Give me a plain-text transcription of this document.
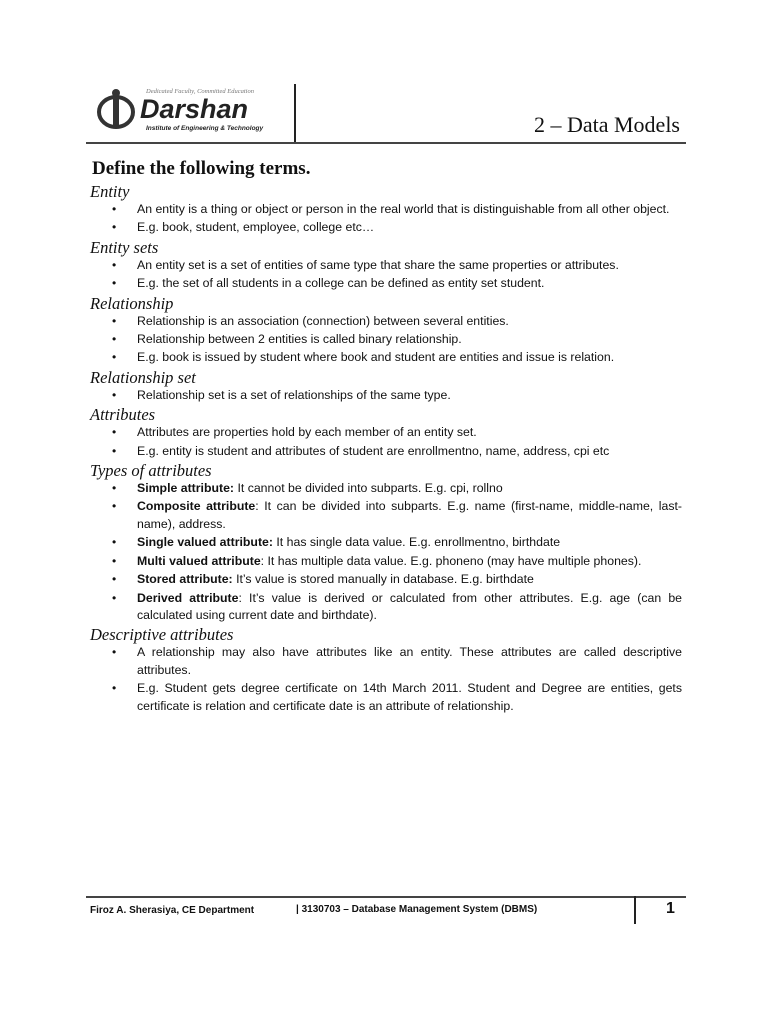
Dedicated Faculty, Committed Education
Darshan
Institute of Engineering & Technology	2 – Data Models
Define the following terms.
Entity
• An entity is a thing or object or person in the real world that is distinguishable from all other object.
• E.g. book, student, employee, college etc…
Entity sets
• An entity set is a set of entities of same type that share the same properties or attributes.
• E.g. the set of all students in a college can be defined as entity set student.
Relationship
• Relationship is an association (connection) between several entities.
• Relationship between 2 entities is called binary relationship.
• E.g. book is issued by student where book and student are entities and issue is relation.
Relationship set
• Relationship set is a set of relationships of the same type.
Attributes
• Attributes are properties hold by each member of an entity set.
• E.g. entity is student and attributes of student are enrollmentno, name, address, cpi etc
Types of attributes
• Simple attribute: It cannot be divided into subparts. E.g. cpi, rollno
• Composite attribute: It can be divided into subparts. E.g. name (first-name, middle-name, last-name), address.
• Single valued attribute: It has single data value. E.g. enrollmentno, birthdate
• Multi valued attribute: It has multiple data value. E.g. phoneno (may have multiple phones).
• Stored attribute: It’s value is stored manually in database. E.g. birthdate
• Derived attribute: It’s value is derived or calculated from other attributes. E.g. age (can be calculated using current date and birthdate).
Descriptive attributes
• A relationship may also have attributes like an entity. These attributes are called descriptive attributes.
• E.g. Student gets degree certificate on 14th March 2011. Student and Degree are entities, gets certificate is relation and certificate date is an attribute of relationship.
Firoz A. Sherasiya, CE Department	| 3130703 – Database Management System (DBMS)	1
